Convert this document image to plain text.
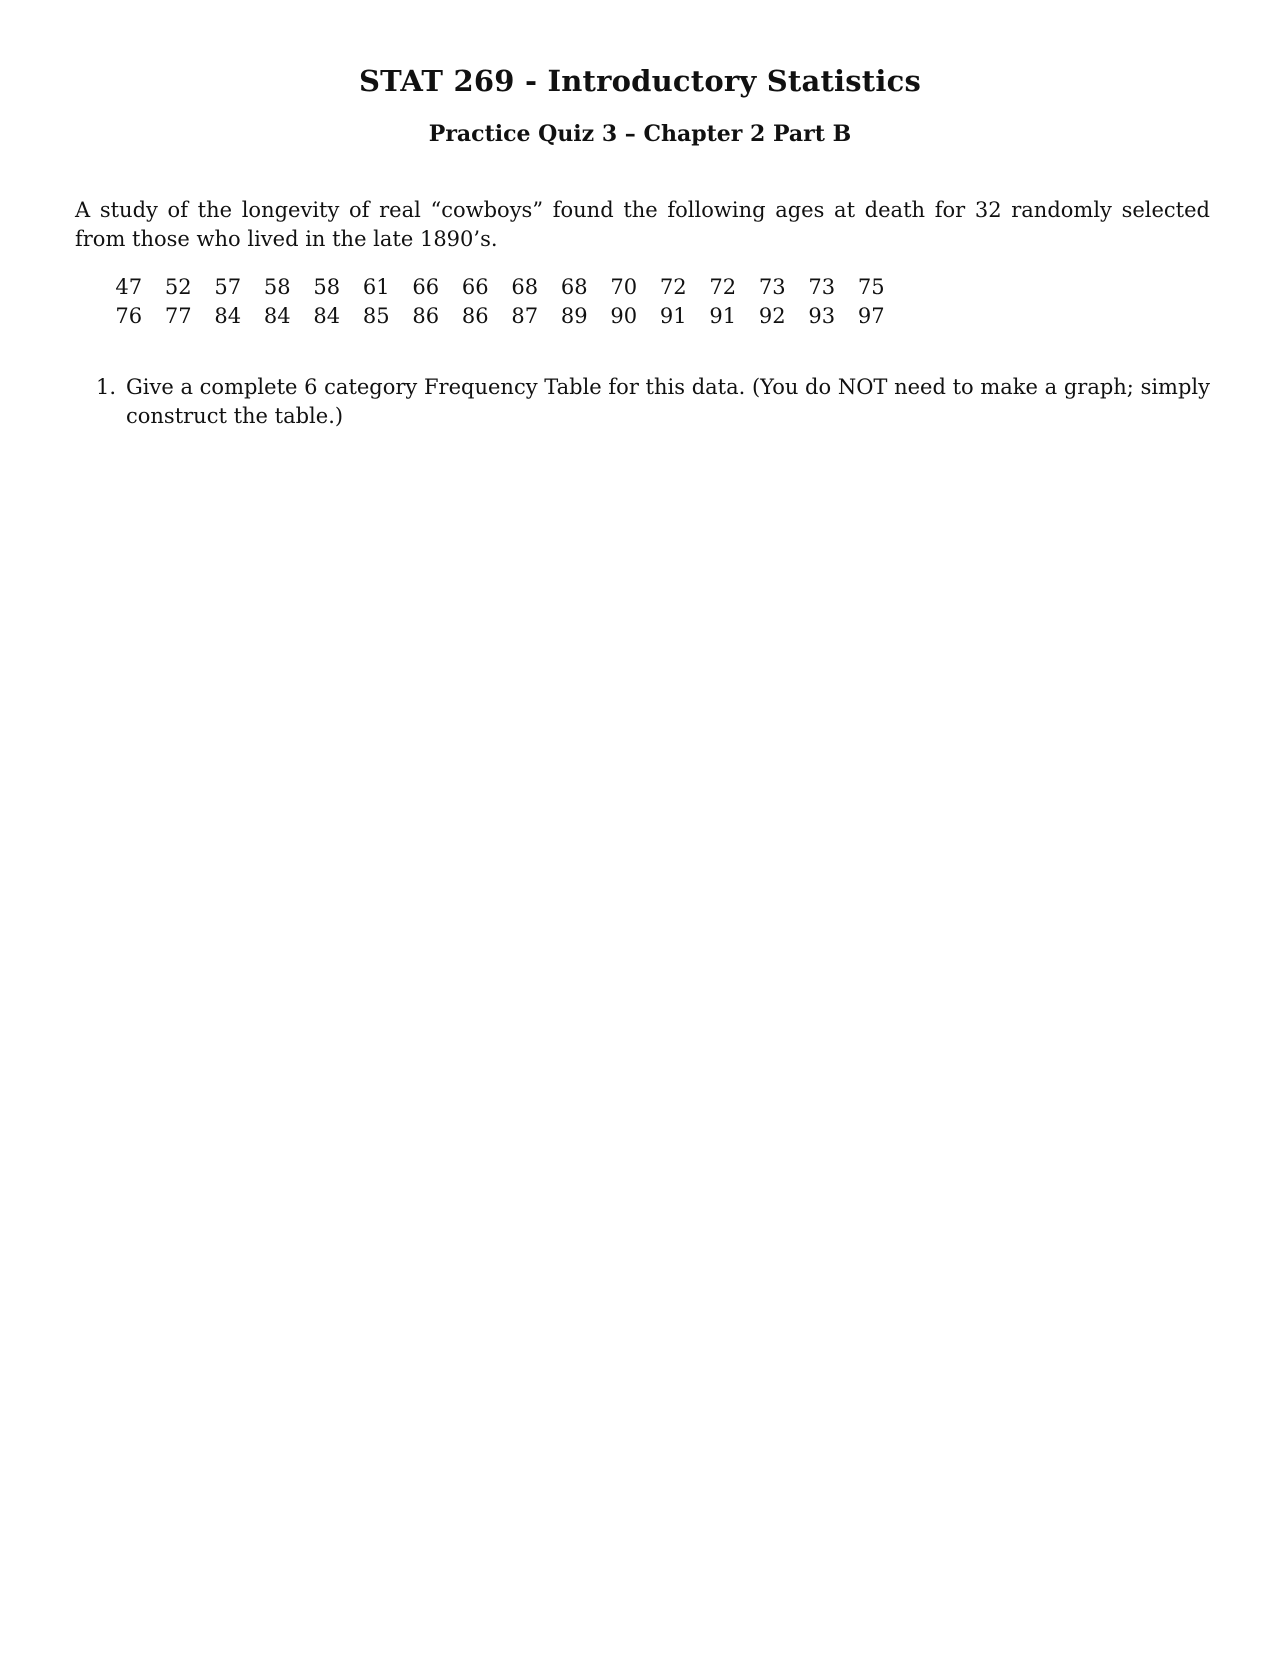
STAT 269 - Introductory Statistics
Practice Quiz 3 – Chapter 2 Part B

A study of the longevity of real “cowboys” found the following ages at death for 32 randomly selected from those who lived in the late 1890’s.

47	52	57	58	58	61	66	66	68	68	70	72	72	73	73	75
76	77	84	84	84	85	86	86	87	89	90	91	91	92	93	97
1. Give a complete 6 category Frequency Table for this data. (You do NOT need to make a graph; simply construct the table.)
